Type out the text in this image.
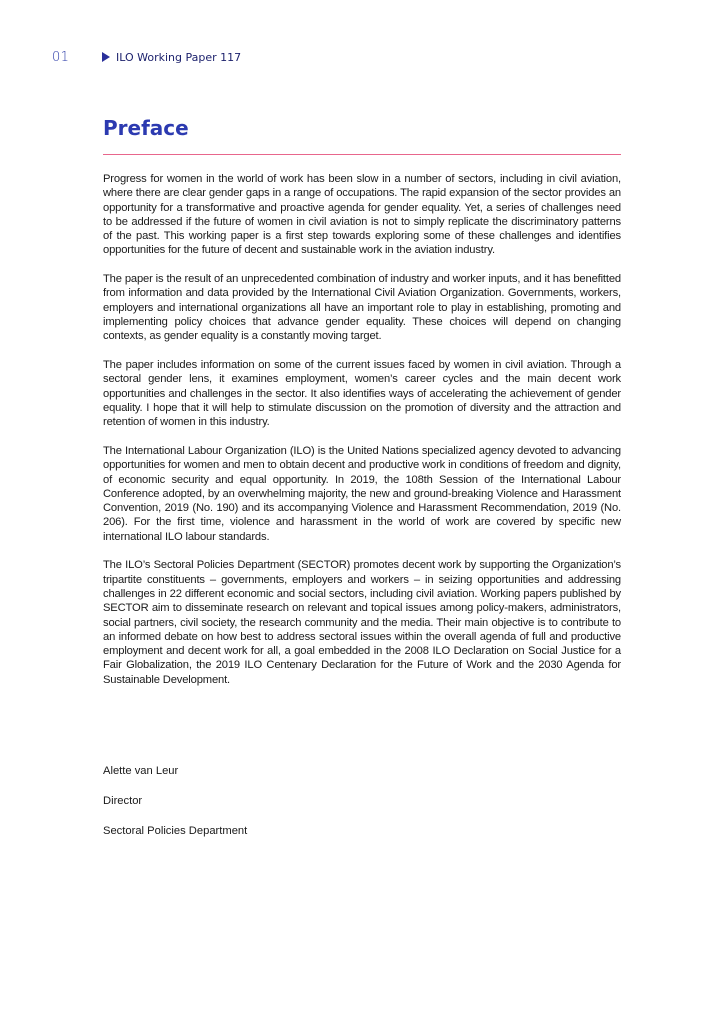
01	ILO Working Paper 117
Preface

Progress for women in the world of work has been slow in a number of sectors, including in civil aviation, where there are clear gender gaps in a range of occupations. The rapid expansion of the sector provides an opportunity for a transformative and proactive agenda for gender equality. Yet, a series of challenges need to be addressed if the future of women in civil aviation is not to simply replicate the discriminatory patterns of the past. This working paper is a first step towards exploring some of these challenges and identifies opportunities for the future of decent and sustainable work in the aviation industry.

The paper is the result of an unprecedented combination of industry and worker inputs, and it has benefitted from information and data provided by the International Civil Aviation Organization. Governments, workers, employers and international organizations all have an important role to play in establishing, promoting and implementing policy choices that advance gender equality. These choices will depend on changing contexts, as gender equality is a constantly moving target.

The paper includes information on some of the current issues faced by women in civil aviation. Through a sectoral gender lens, it examines employment, women’s career cycles and the main decent work opportunities and challenges in the sector. It also identifies ways of accelerating the achievement of gender equality. I hope that it will help to stimulate discussion on the promotion of diversity and the attraction and retention of women in this industry.

The International Labour Organization (ILO) is the United Nations specialized agency devoted to advancing opportunities for women and men to obtain decent and productive work in conditions of freedom and dignity, of economic security and equal opportunity. In 2019, the 108th Session of the International Labour Conference adopted, by an overwhelming majority, the new and ground-breaking Violence and Harassment Convention, 2019 (No. 190) and its accompanying Violence and Harassment Recommendation, 2019 (No. 206). For the first time, violence and harassment in the world of work are covered by specific new international ILO labour standards.

The ILO’s Sectoral Policies Department (SECTOR) promotes decent work by supporting the Organization’s tripartite constituents – governments, employers and workers – in seizing opportunities and addressing challenges in 22 different economic and social sectors, including civil aviation. Working papers published by SECTOR aim to disseminate research on relevant and topical issues among policy-makers, administrators, social partners, civil society, the research community and the media. Their main objective is to contribute to an informed debate on how best to address sectoral issues within the overall agenda of full and productive employment and decent work for all, a goal embedded in the 2008 ILO Declaration on Social Justice for a Fair Globalization, the 2019 ILO Centenary Declaration for the Future of Work and the 2030 Agenda for Sustainable Development.

Alette van Leur

Director

Sectoral Policies Department
